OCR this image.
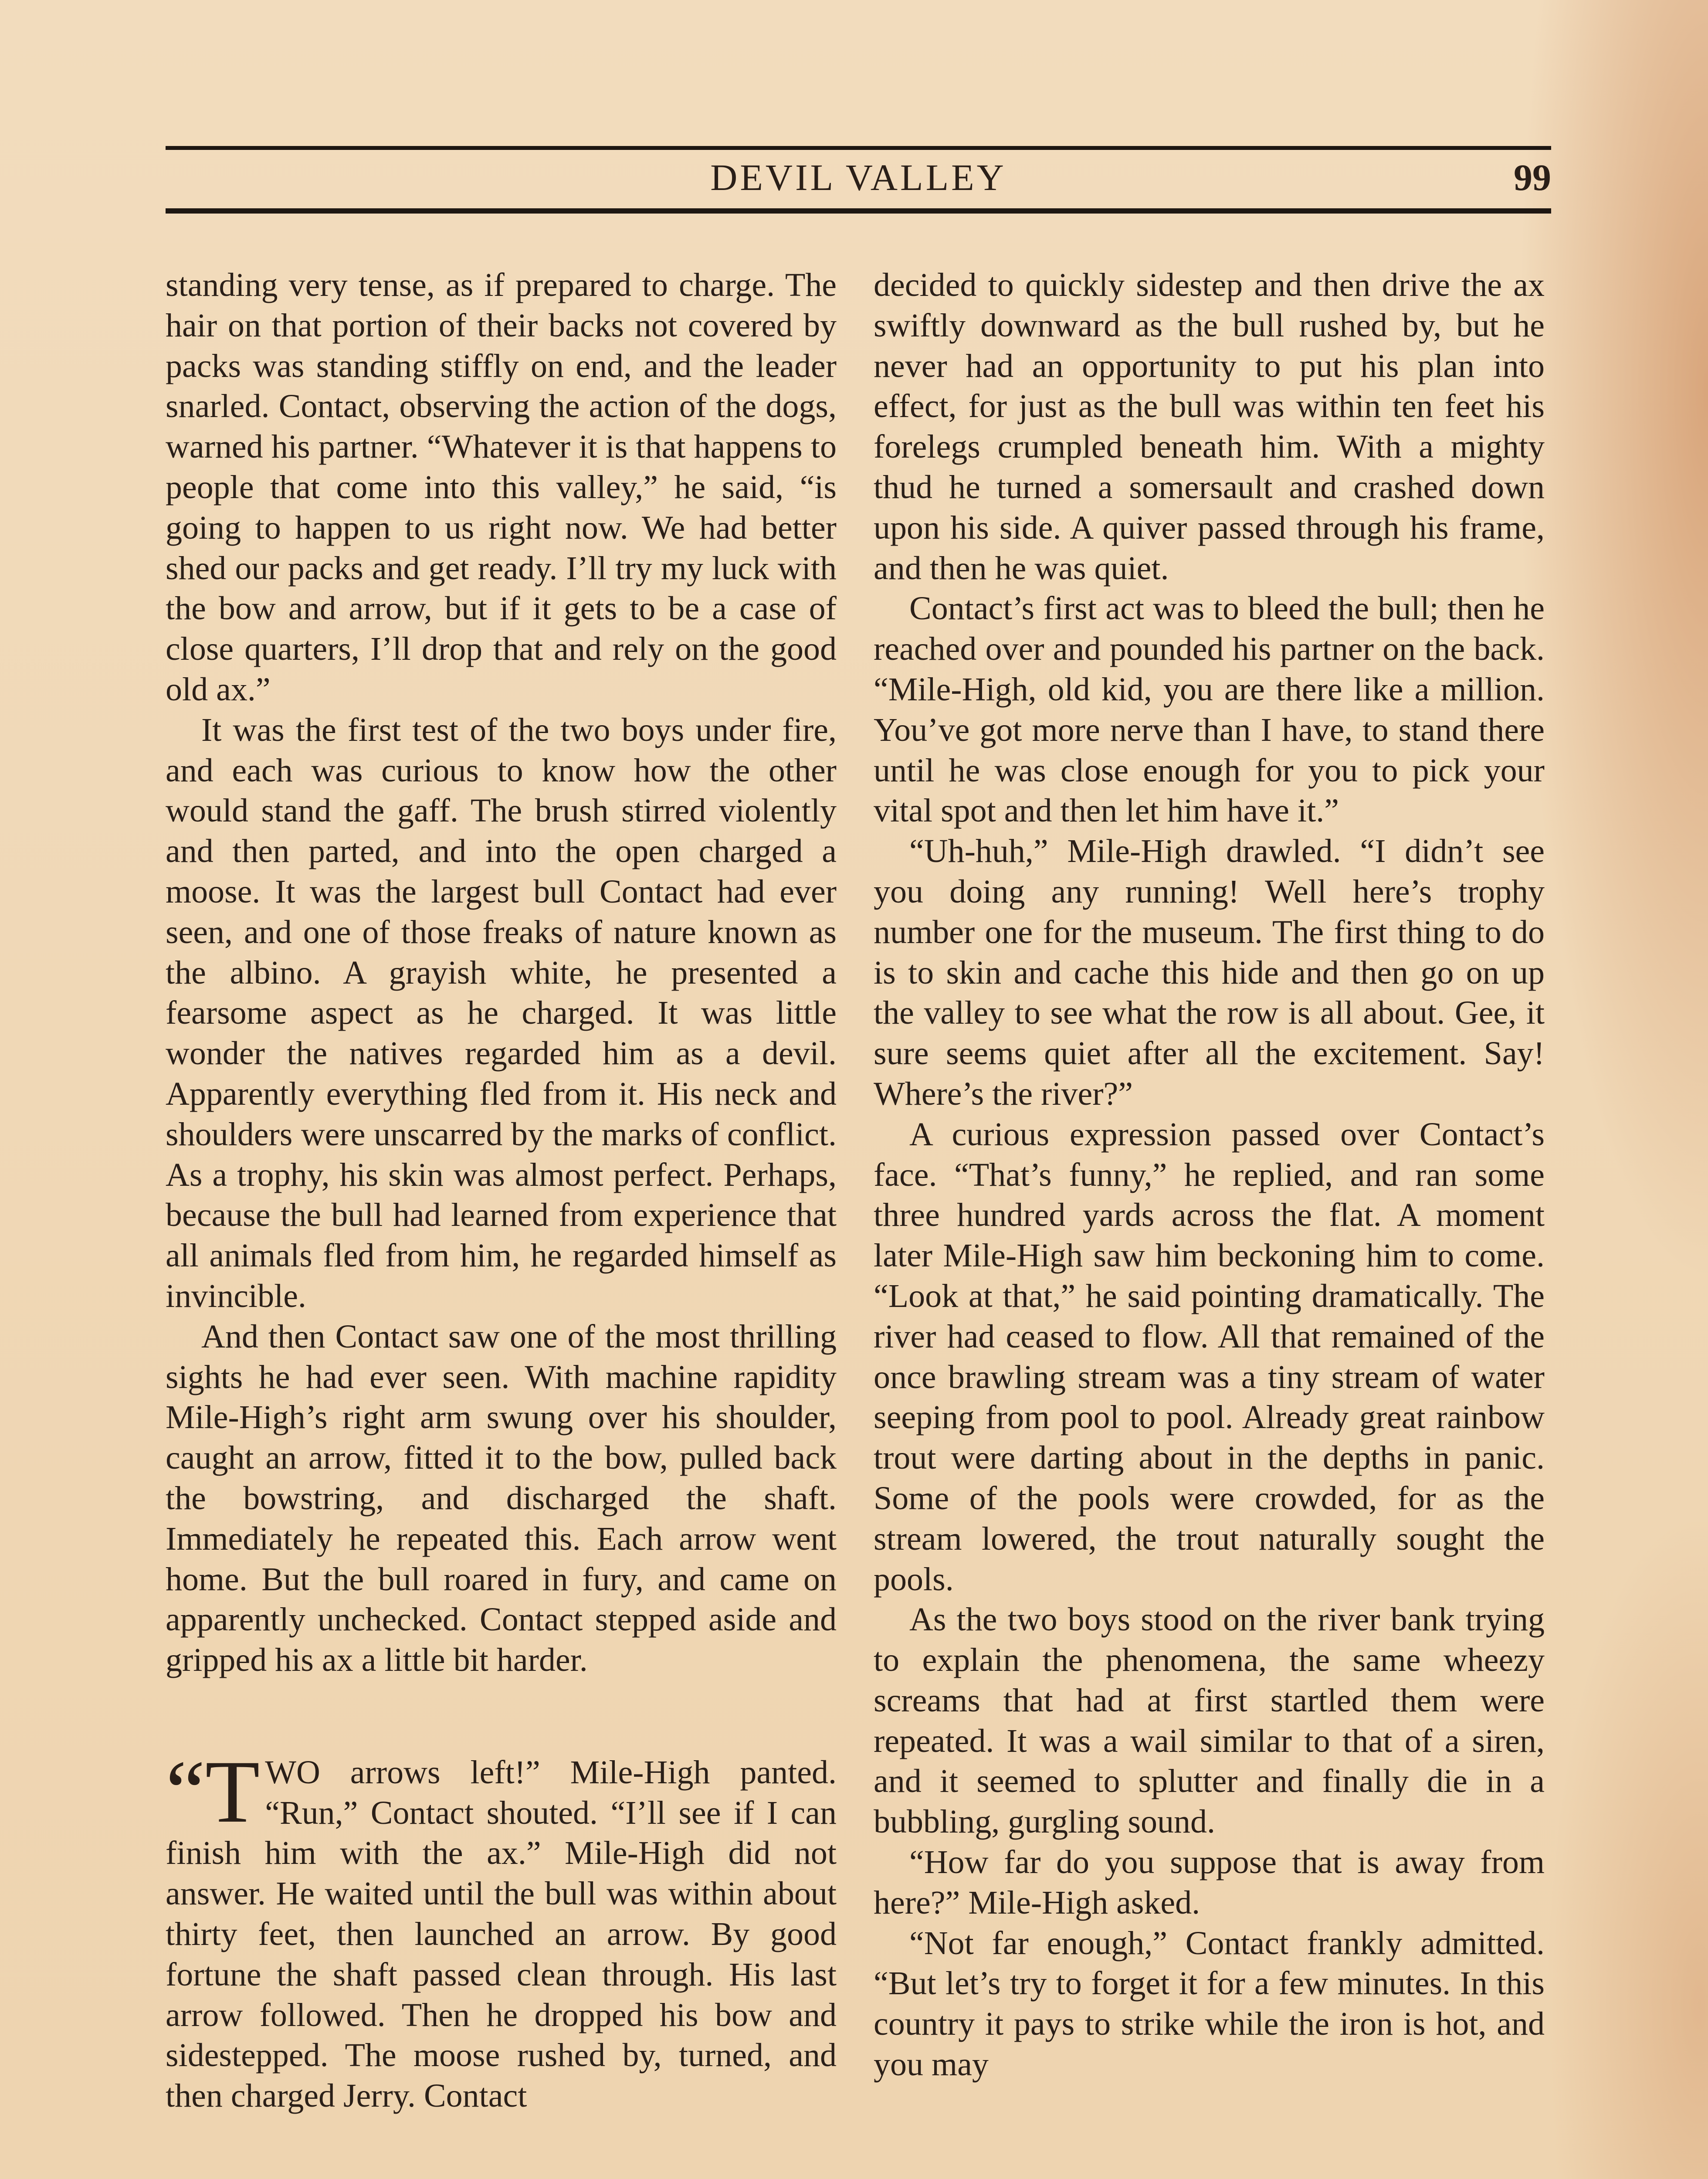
DEVIL VALLEY	99

standing very tense, as if prepared to charge. The hair on that portion of their backs not covered by packs was standing stiffly on end, and the leader snarled. Contact, observing the action of the dogs, warned his partner. “Whatever it is that happens to people that come into this valley,” he said, “is going to happen to us right now. We had better shed our packs and get ready. I’ll try my luck with the bow and arrow, but if it gets to be a case of close quarters, I’ll drop that and rely on the good old ax.”

It was the first test of the two boys under fire, and each was curious to know how the other would stand the gaff. The brush stirred violently and then parted, and into the open charged a moose. It was the largest bull Contact had ever seen, and one of those freaks of nature known as the albino. A grayish white, he presented a fearsome aspect as he charged. It was little wonder the natives regarded him as a devil. Apparently everything fled from it. His neck and shoulders were unscarred by the marks of conflict. As a trophy, his skin was almost perfect. Perhaps, because the bull had learned from experience that all animals fled from him, he regarded himself as invincible.

And then Contact saw one of the most thrilling sights he had ever seen. With machine rapidity Mile-High’s right arm swung over his shoulder, caught an arrow, fitted it to the bow, pulled back the bowstring, and discharged the shaft. Immediately he repeated this. Each arrow went home. But the bull roared in fury, and came on apparently unchecked. Contact stepped aside and gripped his ax a little bit harder.

“TWO arrows left!” Mile-High panted. “Run,” Contact shouted. “I’ll see if I can finish him with the ax.” Mile-High did not answer. He waited until the bull was within about thirty feet, then launched an arrow. By good fortune the shaft passed clean through. His last arrow followed. Then he dropped his bow and sidestepped. The moose rushed by, turned, and then charged Jerry. Contact

decided to quickly sidestep and then drive the ax swiftly downward as the bull rushed by, but he never had an opportunity to put his plan into effect, for just as the bull was within ten feet his forelegs crumpled beneath him. With a mighty thud he turned a somersault and crashed down upon his side. A quiver passed through his frame, and then he was quiet.

Contact’s first act was to bleed the bull; then he reached over and pounded his partner on the back. “Mile-High, old kid, you are there like a million. You’ve got more nerve than I have, to stand there until he was close enough for you to pick your vital spot and then let him have it.”

“Uh-huh,” Mile-High drawled. “I didn’t see you doing any running! Well here’s trophy number one for the museum. The first thing to do is to skin and cache this hide and then go on up the valley to see what the row is all about. Gee, it sure seems quiet after all the excitement. Say! Where’s the river?”

A curious expression passed over Contact’s face. “That’s funny,” he replied, and ran some three hundred yards across the flat. A moment later Mile-High saw him beckoning him to come. “Look at that,” he said pointing dramatically. The river had ceased to flow. All that remained of the once brawling stream was a tiny stream of water seeping from pool to pool. Already great rainbow trout were darting about in the depths in panic. Some of the pools were crowded, for as the stream lowered, the trout naturally sought the pools.

As the two boys stood on the river bank trying to explain the phenomena, the same wheezy screams that had at first startled them were repeated. It was a wail similar to that of a siren, and it seemed to splutter and finally die in a bubbling, gurgling sound.

“How far do you suppose that is away from here?” Mile-High asked.

“Not far enough,” Contact frankly admitted. “But let’s try to forget it for a few minutes. In this country it pays to strike while the iron is hot, and you may
